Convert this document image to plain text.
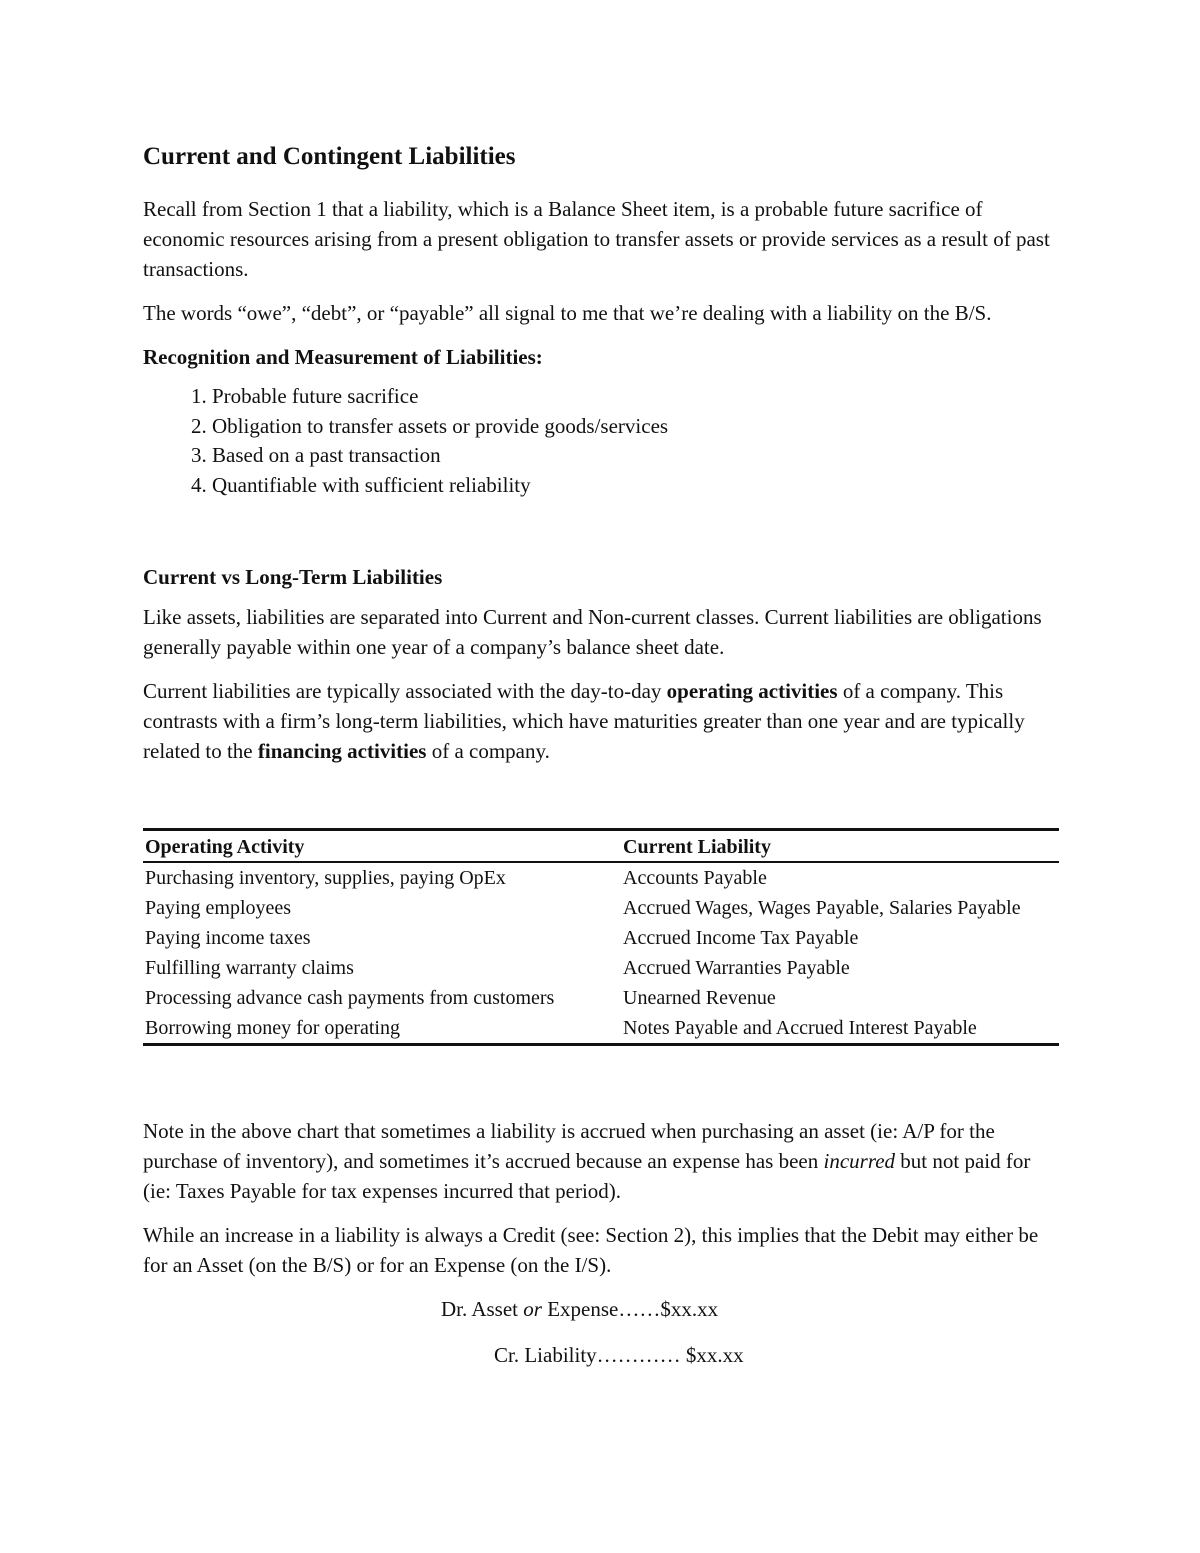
Current and Contingent Liabilities

Recall from Section 1 that a liability, which is a Balance Sheet item, is a probable future sacrifice of economic resources arising from a present obligation to transfer assets or provide services as a result of past transactions.

The words “owe”, “debt”, or “payable” all signal to me that we’re dealing with a liability on the B/S.

Recognition and Measurement of Liabilities:
1. Probable future sacrifice
2. Obligation to transfer assets or provide goods/services
3. Based on a past transaction
4. Quantifiable with sufficient reliability
Current vs Long-Term Liabilities

Like assets, liabilities are separated into Current and Non-current classes. Current liabilities are obligations generally payable within one year of a company’s balance sheet date.

Current liabilities are typically associated with the day-to-day operating activities of a company. This contrasts with a firm’s long-term liabilities, which have maturities greater than one year and are typically related to the financing activities of a company.

Operating Activity	Current Liability
Purchasing inventory, supplies, paying OpEx	Accounts Payable
Paying employees	Accrued Wages, Wages Payable, Salaries Payable
Paying income taxes	Accrued Income Tax Payable
Fulfilling warranty claims	Accrued Warranties Payable
Processing advance cash payments from customers	Unearned Revenue
Borrowing money for operating	Notes Payable and Accrued Interest Payable

Note in the above chart that sometimes a liability is accrued when purchasing an asset (ie: A/P for the purchase of inventory), and sometimes it’s accrued because an expense has been incurred but not paid for (ie: Taxes Payable for tax expenses incurred that period).

While an increase in a liability is always a Credit (see: Section 2), this implies that the Debit may either be for an Asset (on the B/S) or for an Expense (on the I/S).

Dr. Asset or Expense……$xx.xx
Cr. Liability………… $xx.xx
